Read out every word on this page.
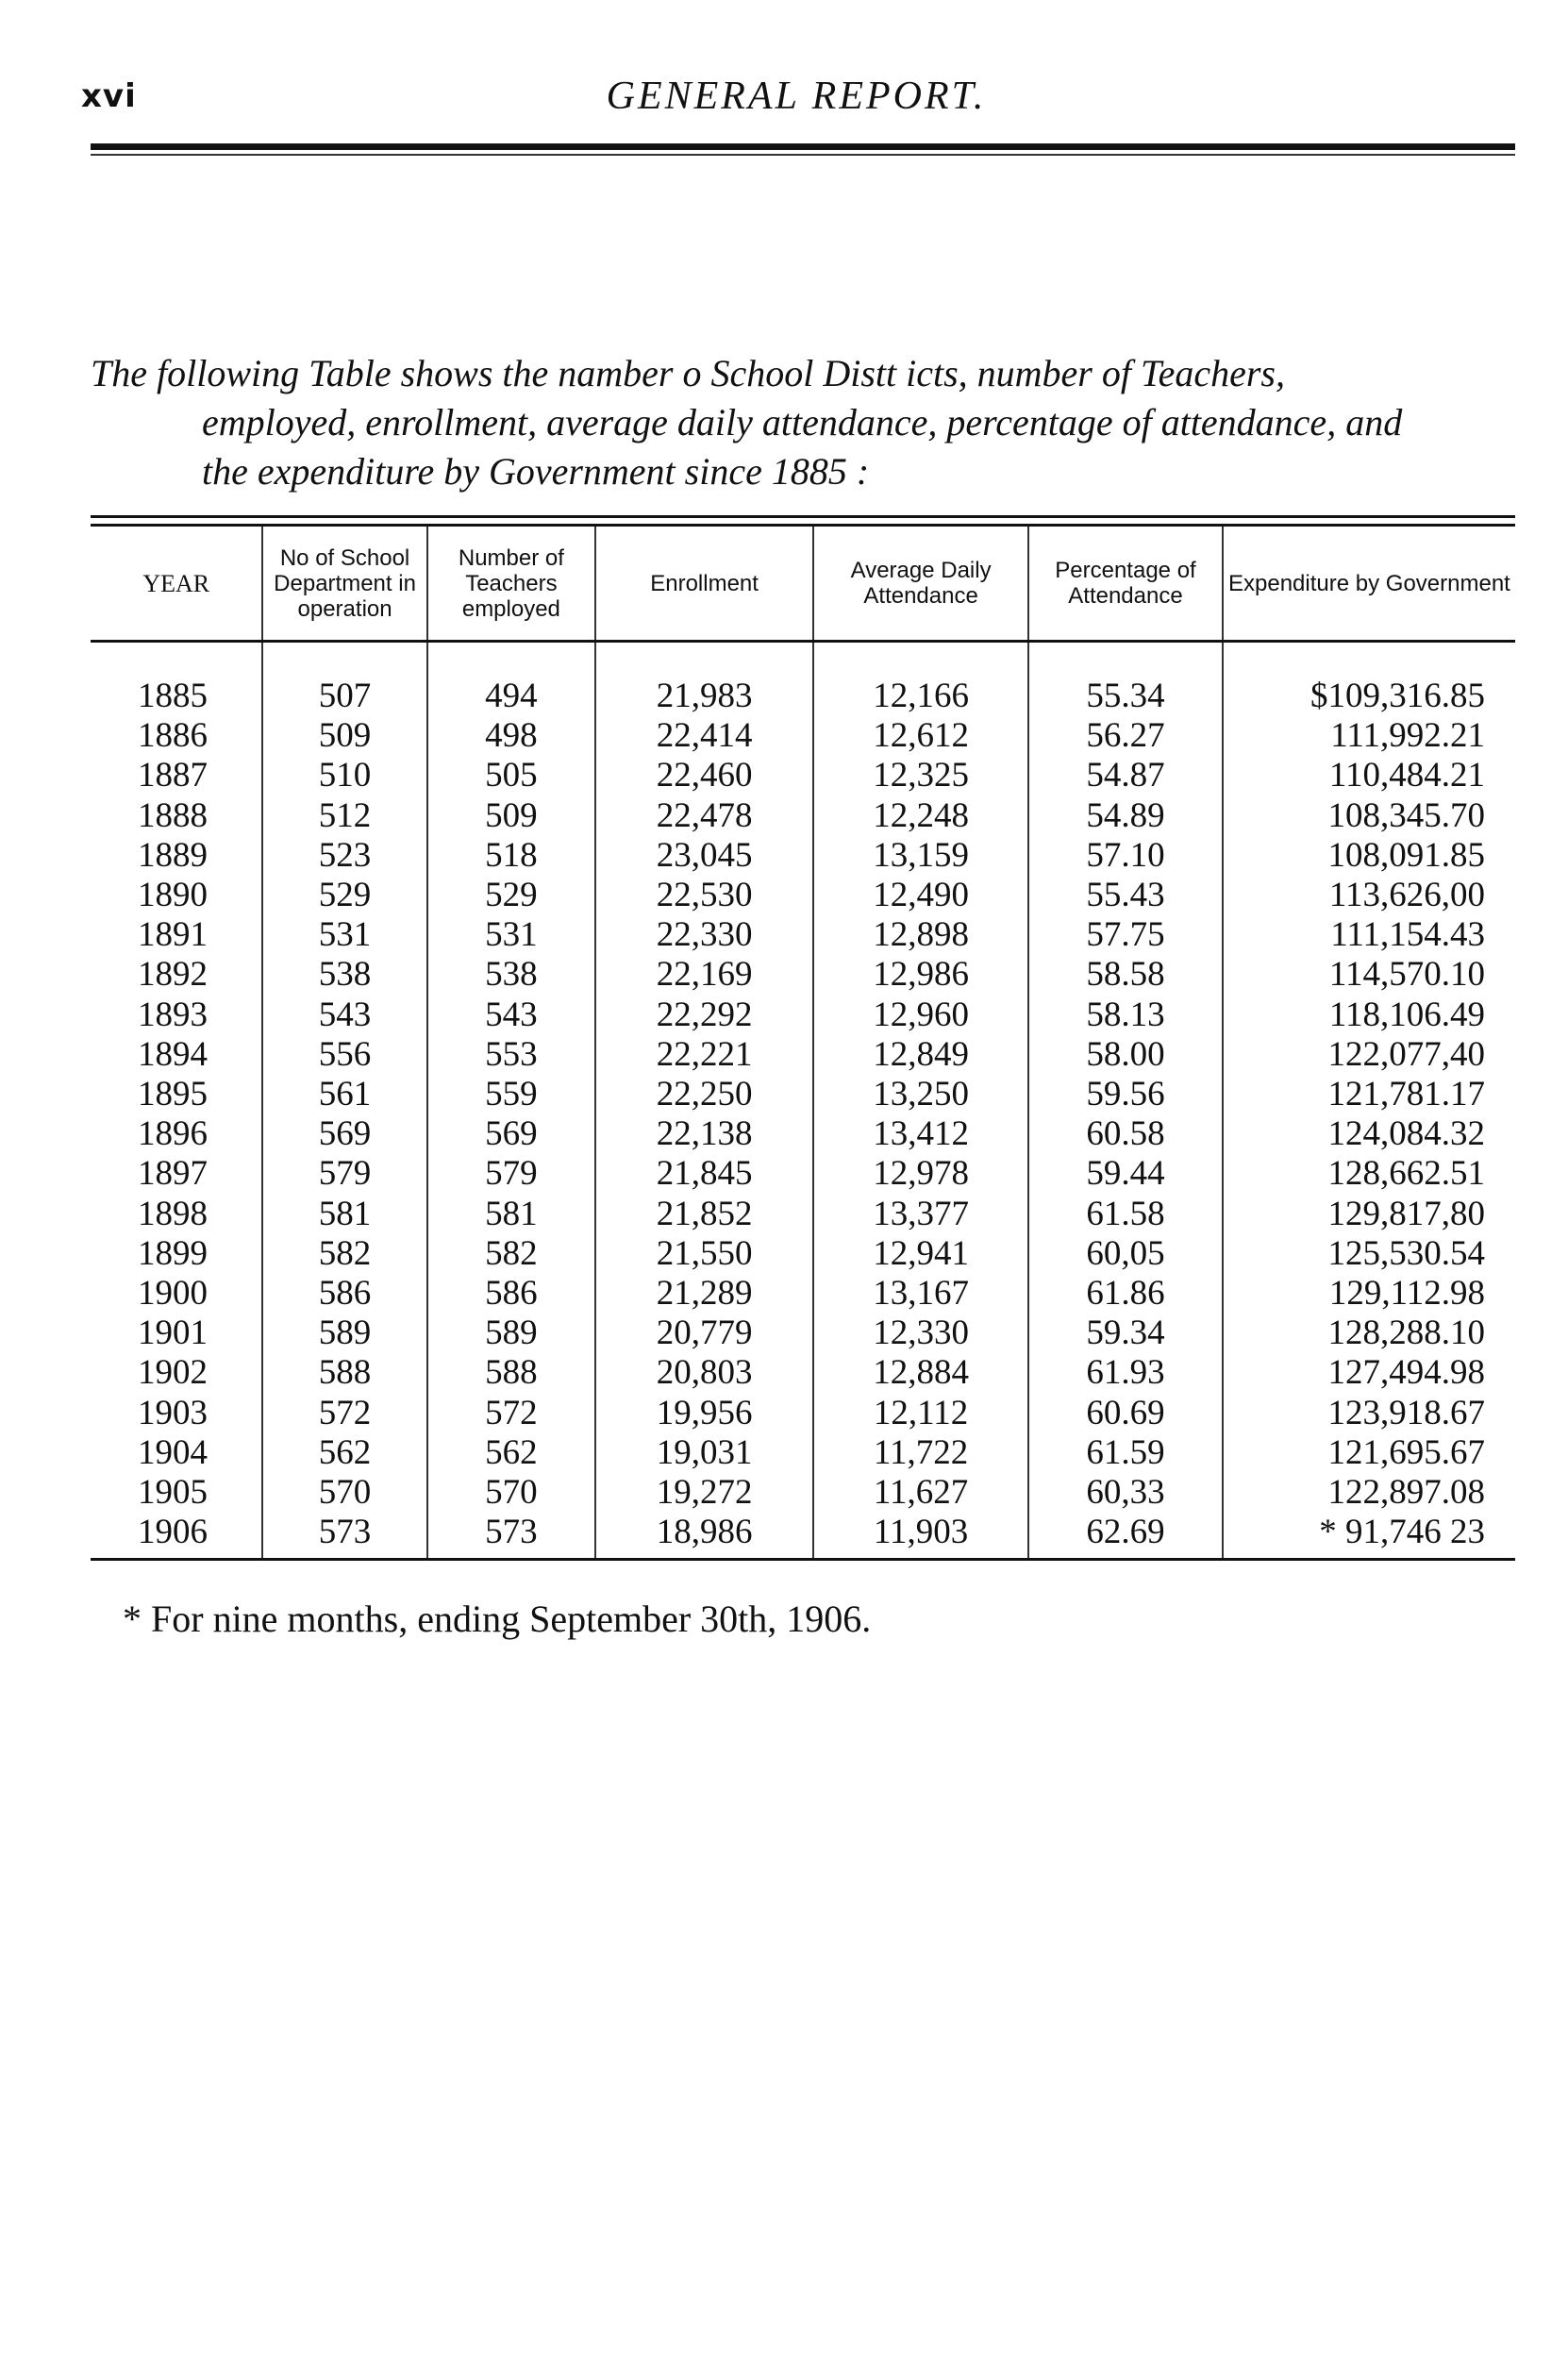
xvi	GENERAL REPORT.
The following Table shows the namber o School Distt icts, number of Teachers,
employed, enrollment, average daily attendance, percentage of attendance, and
the expenditure by Government since 1885 :
YEAR	No of School Department in operation	Number of Teachers employed	Enrollment	Average Daily Attendance	Percentage of Attendance	Expenditure by Government
1885	507	494	21,983	12,166	55.34	$109,316.85
1886	509	498	22,414	12,612	56.27	111,992.21
1887	510	505	22,460	12,325	54.87	110,484.21
1888	512	509	22,478	12,248	54.89	108,345.70
1889	523	518	23,045	13,159	57.10	108,091.85
1890	529	529	22,530	12,490	55.43	113,626,00
1891	531	531	22,330	12,898	57.75	111,154.43
1892	538	538	22,169	12,986	58.58	114,570.10
1893	543	543	22,292	12,960	58.13	118,106.49
1894	556	553	22,221	12,849	58.00	122,077,40
1895	561	559	22,250	13,250	59.56	121,781.17
1896	569	569	22,138	13,412	60.58	124,084.32
1897	579	579	21,845	12,978	59.44	128,662.51
1898	581	581	21,852	13,377	61.58	129,817,80
1899	582	582	21,550	12,941	60,05	125,530.54
1900	586	586	21,289	13,167	61.86	129,112.98
1901	589	589	20,779	12,330	59.34	128,288.10
1902	588	588	20,803	12,884	61.93	127,494.98
1903	572	572	19,956	12,112	60.69	123,918.67
1904	562	562	19,031	11,722	61.59	121,695.67
1905	570	570	19,272	11,627	60,33	122,897.08
1906	573	573	18,986	11,903	62.69	* 91,746 23
* For nine months, ending September 30th, 1906.
